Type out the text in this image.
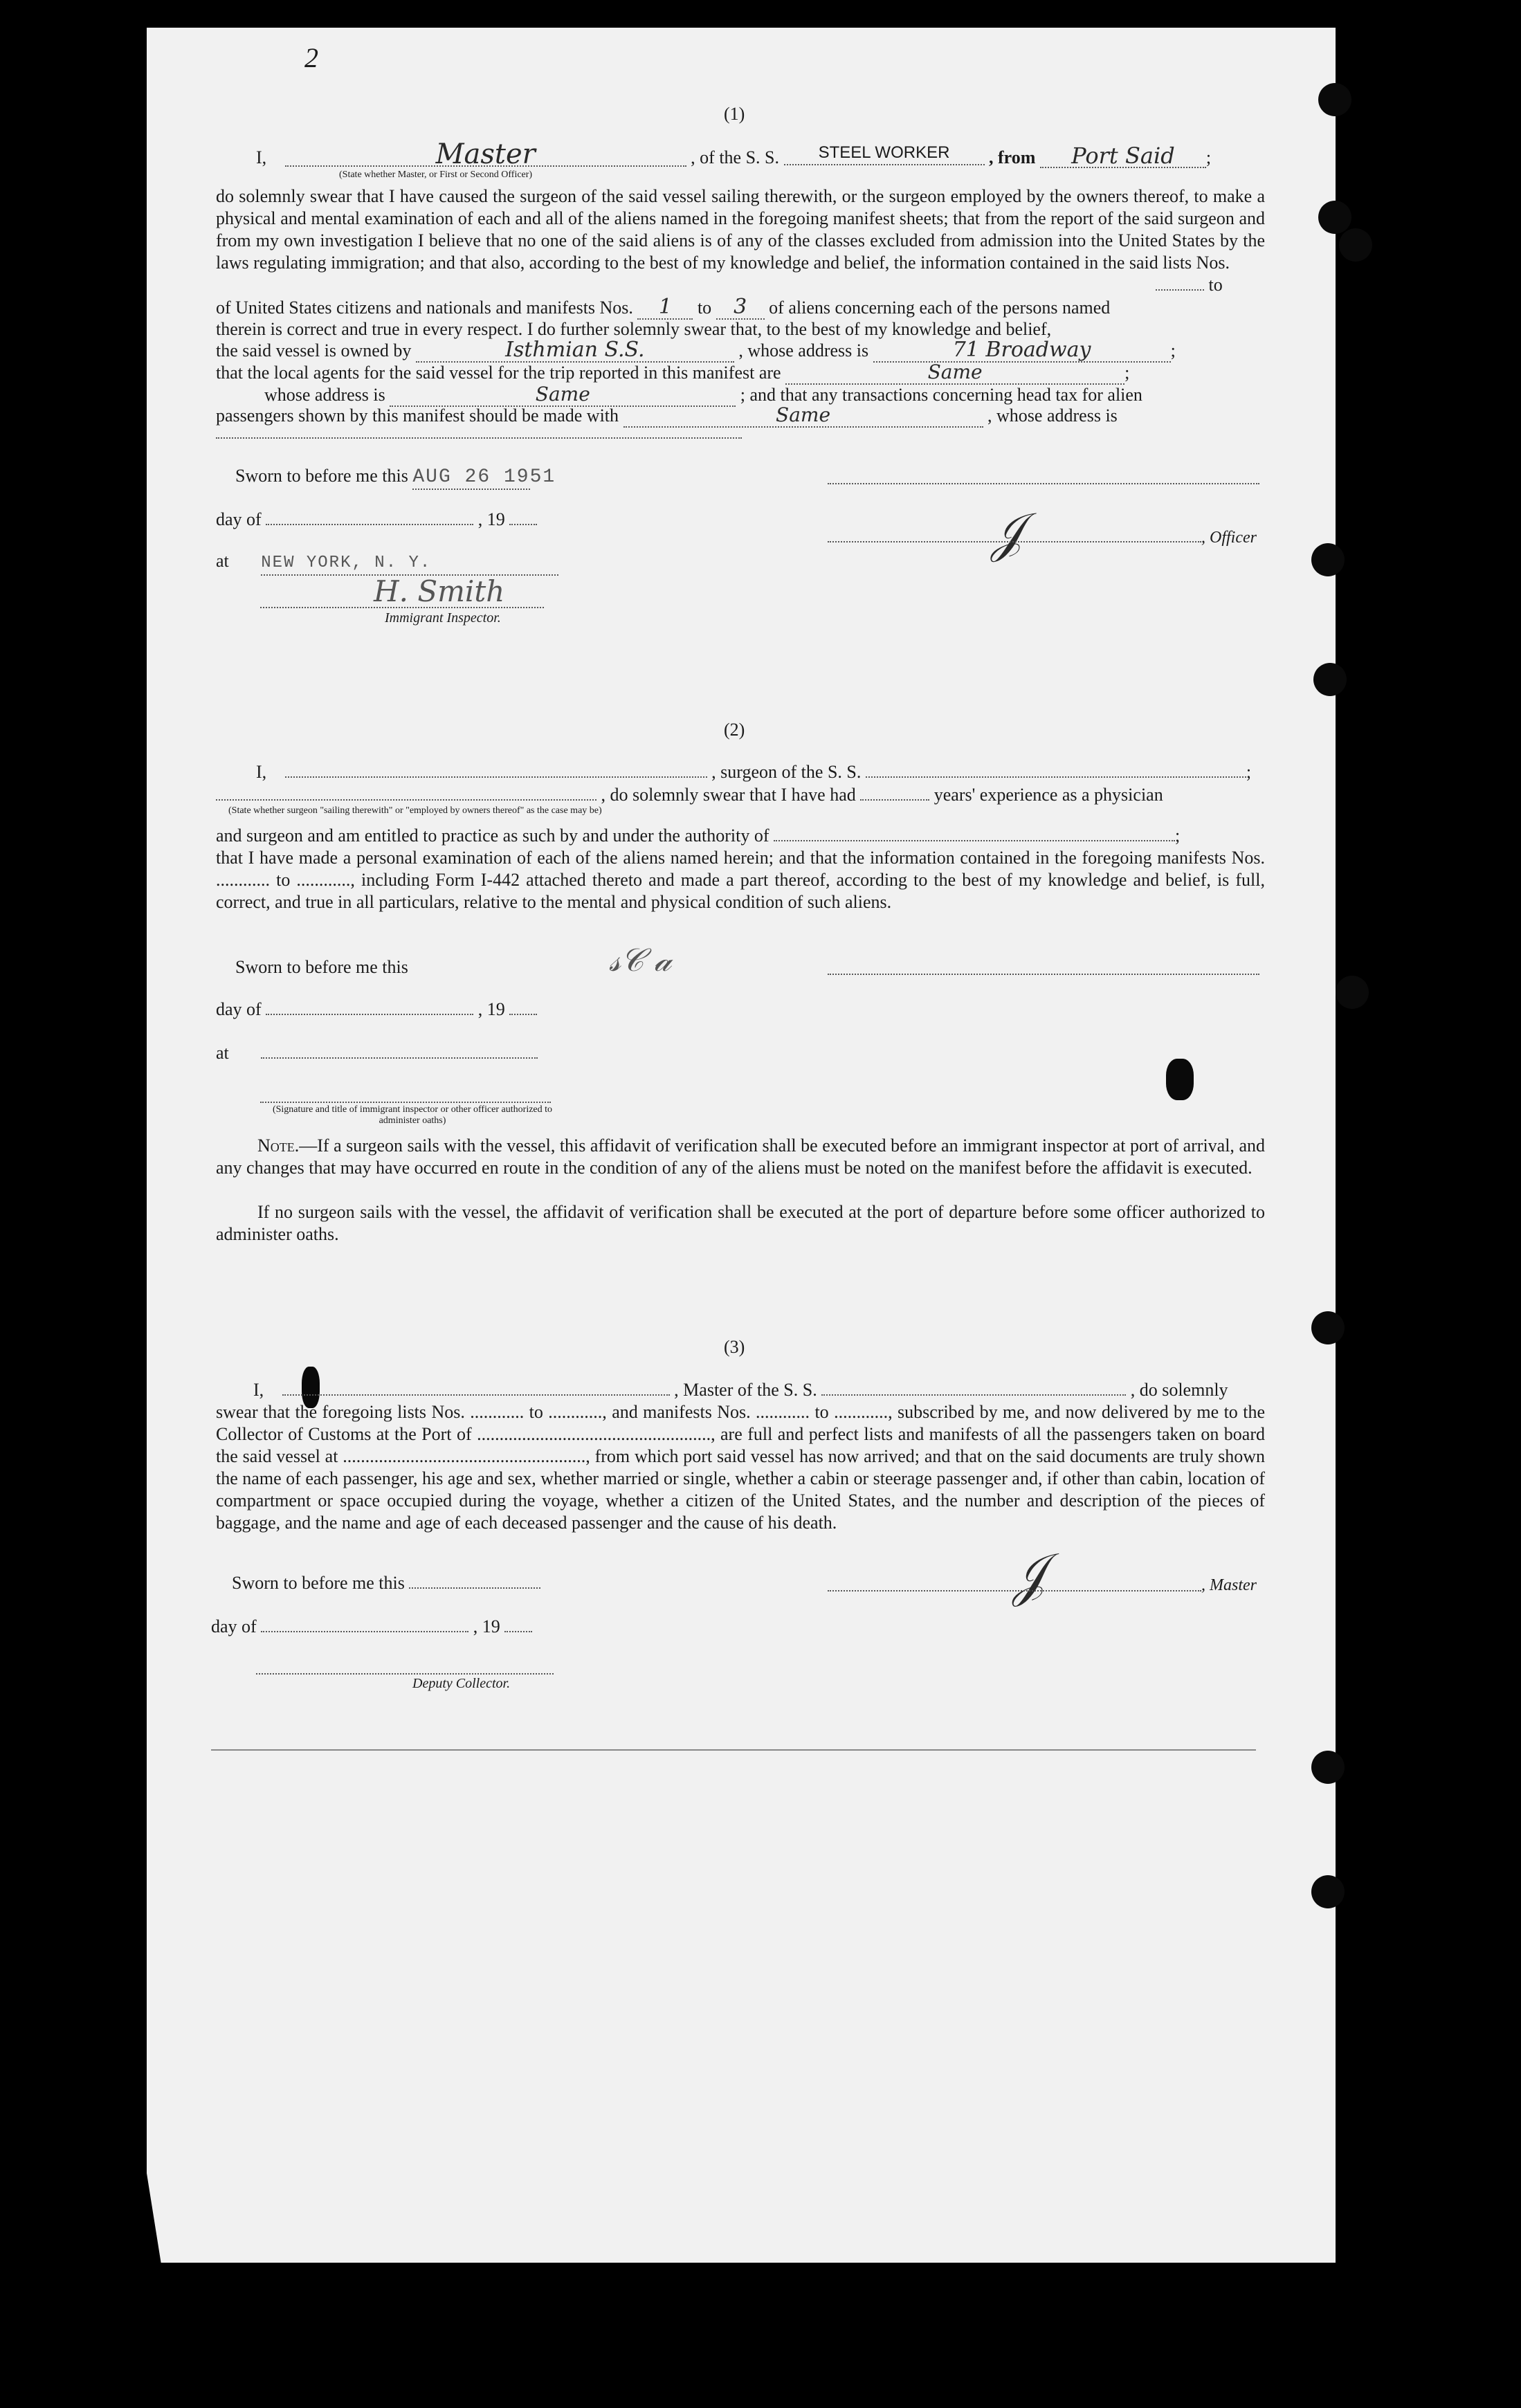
2
(1)
I,	Master	, of the S. S. STEEL WORKER , from Port Said ;
(State whether Master, or First or Second Officer)
do solemnly swear that I have caused the surgeon of the said vessel sailing therewith, or the surgeon employed by the owners thereof, to make a physical and mental examination of each and all of the aliens named in the foregoing manifest sheets; that from the report of the said surgeon and from my own investigation I believe that no one of the said aliens is of any of the classes excluded from admission into the United States by the laws regulating immigration; and that also, according to the best of my knowledge and belief, the information contained in the said lists Nos.
to
of United States citizens and nationals and manifests Nos. 1 to 3 of aliens concerning each of the persons named
therein is correct and true in every respect. I do further solemnly swear that, to the best of my knowledge and belief,
the said vessel is owned by	Isthmian S.S.	, whose address is	71 Broadway	;
that the local agents for the said vessel for the trip reported in this manifest are	Same	;
whose address is	Same	; and that any transactions concerning head tax for alien
passengers shown by this manifest should be made with	Same	, whose address is
Sworn to before me this AUG 26 1951
day of	, 19
at NEW YORK, N. Y.	𝒥	, Officer
H. Smith
Immigrant Inspector.
(2)
I,	, surgeon of the S. S.	;
, do solemnly swear that I have had	years' experience as a physician
(State whether surgeon "sailing therewith" or "employed by owners thereof" as the case may be)
and surgeon and am entitled to practice as such by and under the authority of	;
that I have made a personal examination of each of the aliens named herein; and that the information contained in the foregoing manifests Nos. ............ to ............, including Form I-442 attached thereto and made a part thereof, according to the best of my knowledge and belief, is full, correct, and true in all particulars, relative to the mental and physical condition of such aliens.
Sworn to before me this	𝓈𝒞 𝒶
day of	, 19
at
(Signature and title of immigrant inspector or other officer authorized to administer oaths)
Note.—If a surgeon sails with the vessel, this affidavit of verification shall be executed before an immigrant inspector at port of arrival, and any changes that may have occurred en route in the condition of any of the aliens must be noted on the manifest before the affidavit is executed.
If no surgeon sails with the vessel, the affidavit of verification shall be executed at the port of departure before some officer authorized to administer oaths.
(3)
I,	, Master of the S. S.	, do solemnly
swear that the foregoing lists Nos. ............ to ............, and manifests Nos. ............ to ............, subscribed by me, and now delivered by me to the Collector of Customs at the Port of ...................................................., are full and perfect lists and manifests of all the passengers taken on board the said vessel at ......................................................, from which port said vessel has now arrived; and that on the said documents are truly shown the name of each passenger, his age and sex, whether married or single, whether a cabin or steerage passenger and, if other than cabin, location of compartment or space occupied during the voyage, whether a citizen of the United States, and the number and description of the pieces of baggage, and the name and age of each deceased passenger and the cause of his death.
Sworn to before me this	𝒥	, Master
day of	, 19
Deputy Collector.
